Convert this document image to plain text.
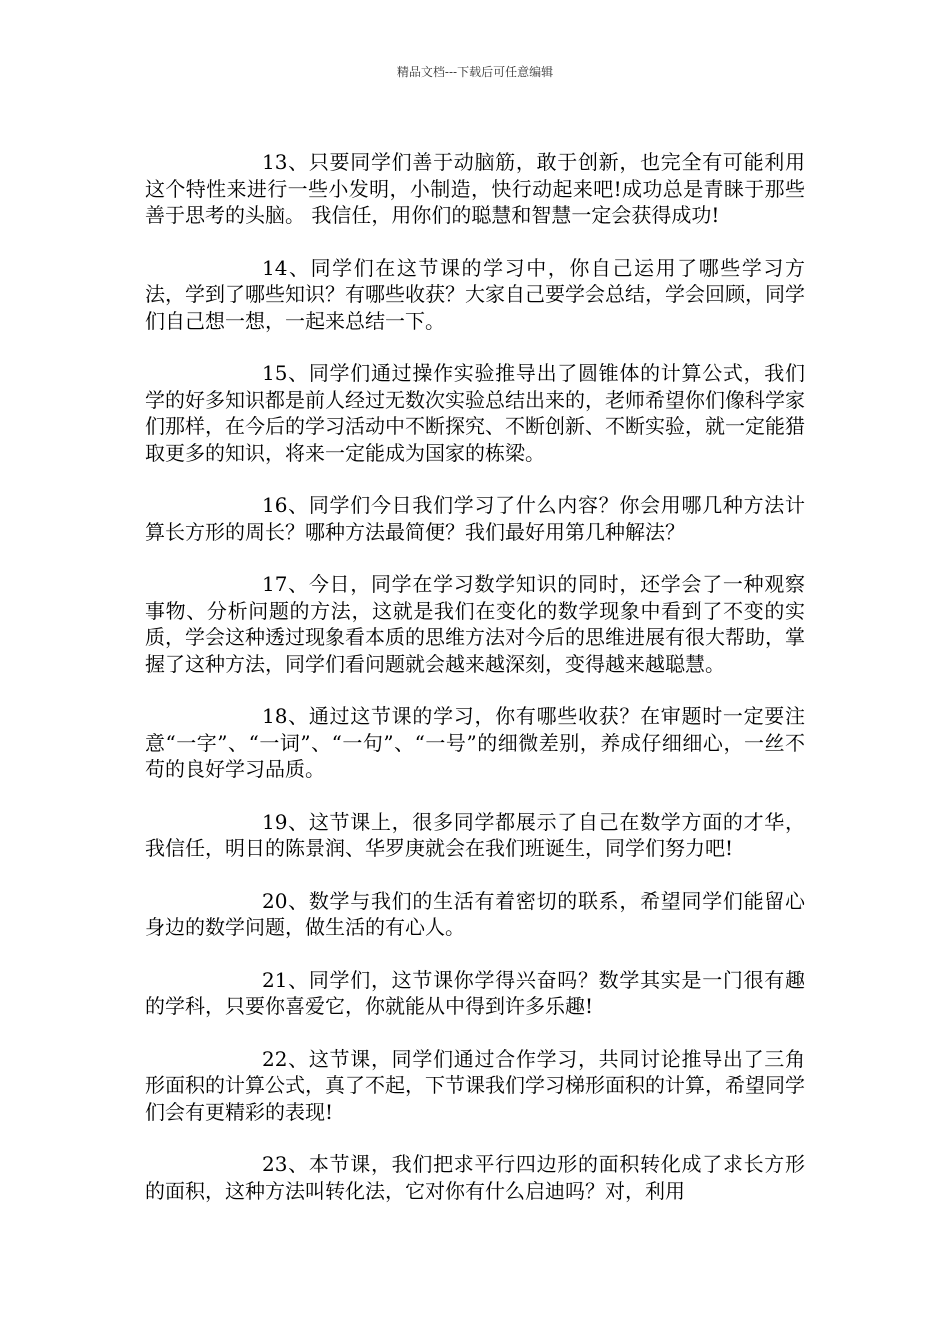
精品文档---下载后可任意编辑

13、只要同学们善于动脑筋，敢于创新，也完全有可能利用这个特性来进行一些小发明，小制造，快行动起来吧!成功总是青睐于那些善于思考的头脑。 我信任，用你们的聪慧和智慧一定会获得成功!

14、同学们在这节课的学习中，你自己运用了哪些学习方法，学到了哪些知识？有哪些收获？大家自己要学会总结，学会回顾，同学们自己想一想，一起来总结一下。

15、同学们通过操作实验推导出了圆锥体的计算公式，我们学的好多知识都是前人经过无数次实验总结出来的，老师希望你们像科学家们那样，在今后的学习活动中不断探究、不断创新、不断实验，就一定能猎取更多的知识，将来一定能成为国家的栋梁。

16、同学们今日我们学习了什么内容？你会用哪几种方法计算长方形的周长？哪种方法最简便？我们最好用第几种解法？

17、今日，同学在学习数学知识的同时，还学会了一种观察事物、分析问题的方法，这就是我们在变化的数学现象中看到了不变的实质，学会这种透过现象看本质的思维方法对今后的思维进展有很大帮助，掌握了这种方法，同学们看问题就会越来越深刻，变得越来越聪慧。

18、通过这节课的学习，你有哪些收获？在审题时一定要注意“一字”、“一词”、“一句”、“一号”的细微差别，养成仔细细心，一丝不苟的良好学习品质。

19、这节课上，很多同学都展示了自己在数学方面的才华，我信任，明日的陈景润、华罗庚就会在我们班诞生，同学们努力吧!

20、数学与我们的生活有着密切的联系，希望同学们能留心身边的数学问题，做生活的有心人。

21、同学们，这节课你学得兴奋吗？数学其实是一门很有趣的学科，只要你喜爱它，你就能从中得到许多乐趣!

22、这节课，同学们通过合作学习，共同讨论推导出了三角形面积的计算公式，真了不起，下节课我们学习梯形面积的计算，希望同学们会有更精彩的表现!

23、本节课，我们把求平行四边形的面积转化成了求长方形的面积，这种方法叫转化法，它对你有什么启迪吗？对，利用
